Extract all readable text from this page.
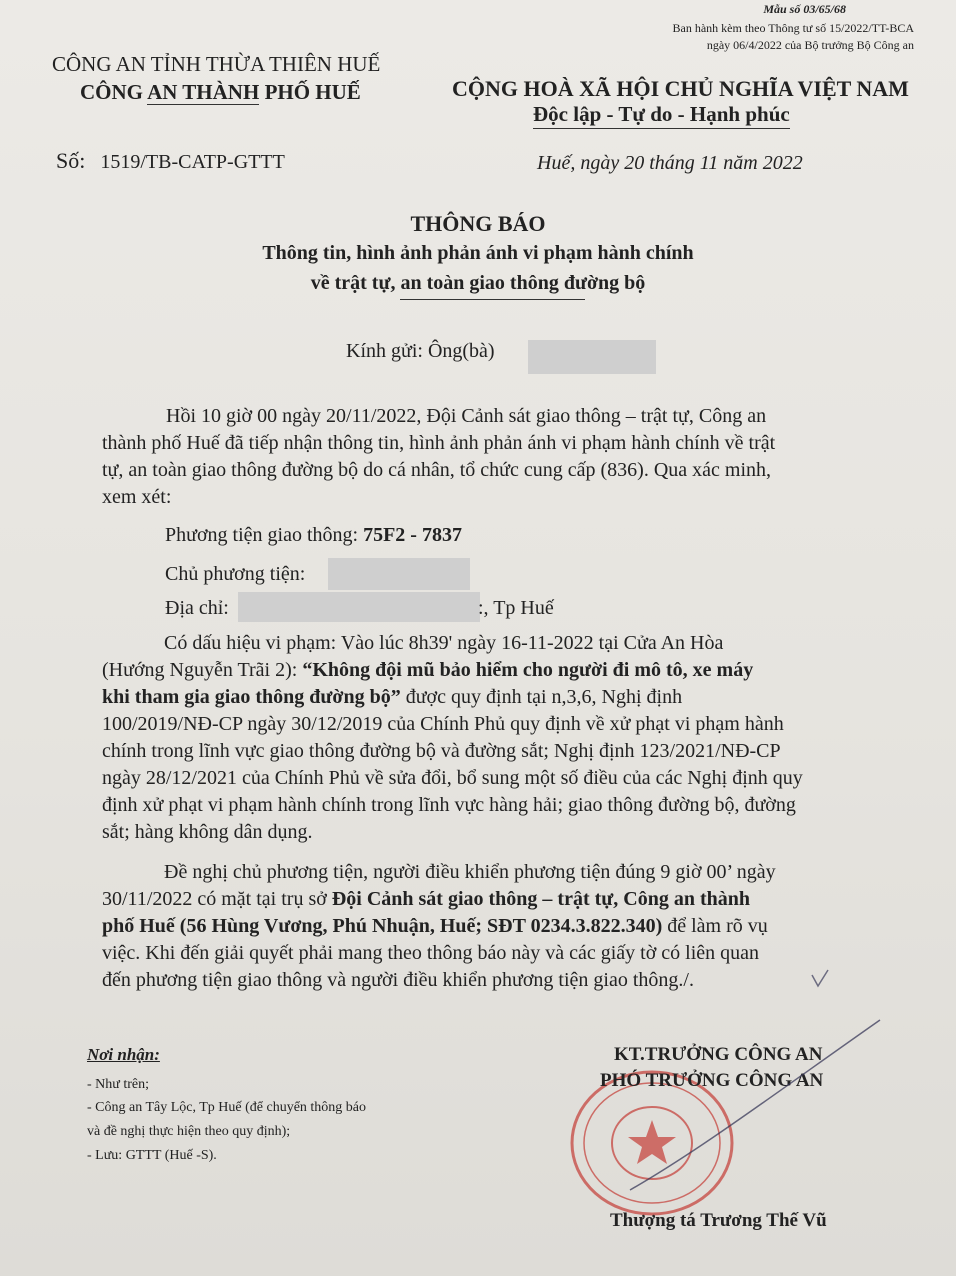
Mẫu số 03/65/68
Ban hành kèm theo Thông tư số 15/2022/TT-BCA
ngày 06/4/2022 của Bộ trưởng Bộ Công an
CÔNG AN TỈNH THỪA THIÊN HUẾ
CÔNG AN THÀNH PHỐ HUẾ	CỘNG HOÀ XÃ HỘI CHỦ NGHĨA VIỆT NAM
Độc lập - Tự do - Hạnh phúc
Số: 1519/TB-CATP-GTTT	Huế, ngày 20 tháng 11 năm 2022
THÔNG BÁO
Thông tin, hình ảnh phản ánh vi phạm hành chính
về trật tự, an toàn giao thông đường bộ
Kính gửi: Ông(bà)
Hồi 10 giờ 00 ngày 20/11/2022, Đội Cảnh sát giao thông – trật tự, Công an
thành phố Huế đã tiếp nhận thông tin, hình ảnh phản ánh vi phạm hành chính về trật
tự, an toàn giao thông đường bộ do cá nhân, tổ chức cung cấp (836). Qua xác minh,
xem xét:
Phương tiện giao thông: 75F2 - 7837
Chủ phương tiện:
Địa chỉ:	:, Tp Huế
Có dấu hiệu vi phạm: Vào lúc 8h39' ngày 16-11-2022 tại Cửa An Hòa
(Hướng Nguyễn Trãi 2): “Không đội mũ bảo hiểm cho người đi mô tô, xe máy
khi tham gia giao thông đường bộ” được quy định tại n,3,6, Nghị định
100/2019/NĐ-CP ngày 30/12/2019 của Chính Phủ quy định về xử phạt vi phạm hành
chính trong lĩnh vực giao thông đường bộ và đường sắt; Nghị định 123/2021/NĐ-CP
ngày 28/12/2021 của Chính Phủ về sửa đổi, bổ sung một số điều của các Nghị định quy
định xử phạt vi phạm hành chính trong lĩnh vực hàng hải; giao thông đường bộ, đường
sắt; hàng không dân dụng.
Đề nghị chủ phương tiện, người điều khiển phương tiện đúng 9 giờ 00’ ngày
30/11/2022 có mặt tại trụ sở Đội Cảnh sát giao thông – trật tự, Công an thành
phố Huế (56 Hùng Vương, Phú Nhuận, Huế; SĐT 0234.3.822.340) để làm rõ vụ
việc. Khi đến giải quyết phải mang theo thông báo này và các giấy tờ có liên quan
đến phương tiện giao thông và người điều khiển phương tiện giao thông./.
Nơi nhận:
- Như trên;
- Công an Tây Lộc, Tp Huế (để chuyển thông báo
và đề nghị thực hiện theo quy định);
- Lưu: GTTT (Huế -S).
KT.TRƯỞNG CÔNG AN
PHÓ TRƯỞNG CÔNG AN
Thượng tá Trương Thế Vũ
